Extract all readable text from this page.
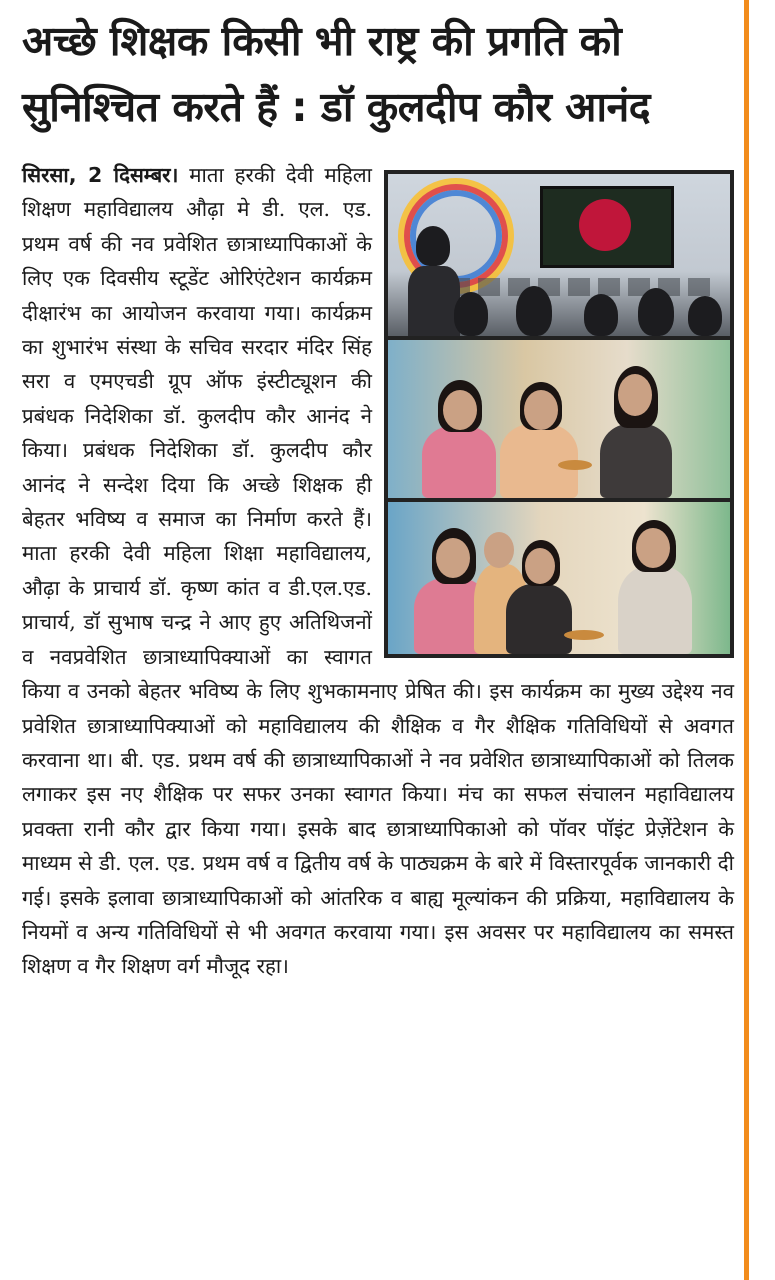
अच्छे शिक्षक किसी भी राष्ट्र की प्रगति को
सुनिश्चित करते हैं : डॉ कुलदीप कौर आनंद

सिरसा, 2 दिसम्बर। माता हरकी देवी महिला शिक्षण महाविद्यालय औढ़ा मे डी. एल. एड. प्रथम वर्ष की नव प्रवेशित छात्राध्यापिकाओं के लिए एक दिवसीय स्टूडेंट ओरिएंटेशन कार्यक्रम दीक्षारंभ का आयोजन करवाया गया। कार्यक्रम का शुभारंभ संस्था के सचिव सरदार मंदिर सिंह सरा व एमएचडी ग्रूप ऑफ इंस्टीट्यूशन की प्रबंधक निदेशिका डॉ. कुलदीप कौर आनंद ने किया। प्रबंधक निदेशिका डॉ. कुलदीप कौर आनंद ने सन्देश दिया कि अच्छे शिक्षक ही बेहतर भविष्य व समाज का निर्माण करते हैं। माता हरकी देवी महिला शिक्षा महाविद्यालय, औढ़ा के प्राचार्य डॉ. कृष्ण कांत व डी.एल.एड. प्राचार्य, डॉ सुभाष चन्द्र ने आए हुए अतिथिजनों व नवप्रवेशित छात्राध्यापिक्याओं का स्वागत किया व उनको बेहतर भविष्य के लिए शुभकामनाए प्रेषित की। इस कार्यक्रम का मुख्य उद्देश्य नव प्रवेशित छात्राध्यापिक्याओं को महाविद्यालय की शैक्षिक व गैर शैक्षिक गतिविधियों से अवगत करवाना था। बी. एड. प्रथम वर्ष की छात्राध्यापिकाओं ने नव प्रवेशित छात्राध्यापिकाओं को तिलक लगाकर इस नए शैक्षिक पर सफर उनका स्वागत किया। मंच का सफल संचालन महाविद्यालय प्रवक्ता रानी कौर द्वार किया गया। इसके बाद छात्राध्यापिकाओ को पॉवर पॉइंट प्रेज़ेंटेशन के माध्यम से डी. एल. एड. प्रथम वर्ष व द्वितीय वर्ष के पाठ्यक्रम के बारे में विस्तारपूर्वक जानकारी दी गई। इसके इलावा छात्राध्यापिकाओं को आंतरिक व बाह्य मूल्यांकन की प्रक्रिया, महाविद्यालय के नियमों व अन्य गतिविधियों से भी अवगत करवाया गया। इस अवसर पर महाविद्यालय का समस्त शिक्षण व गैर शिक्षण वर्ग मौजूद रहा।
